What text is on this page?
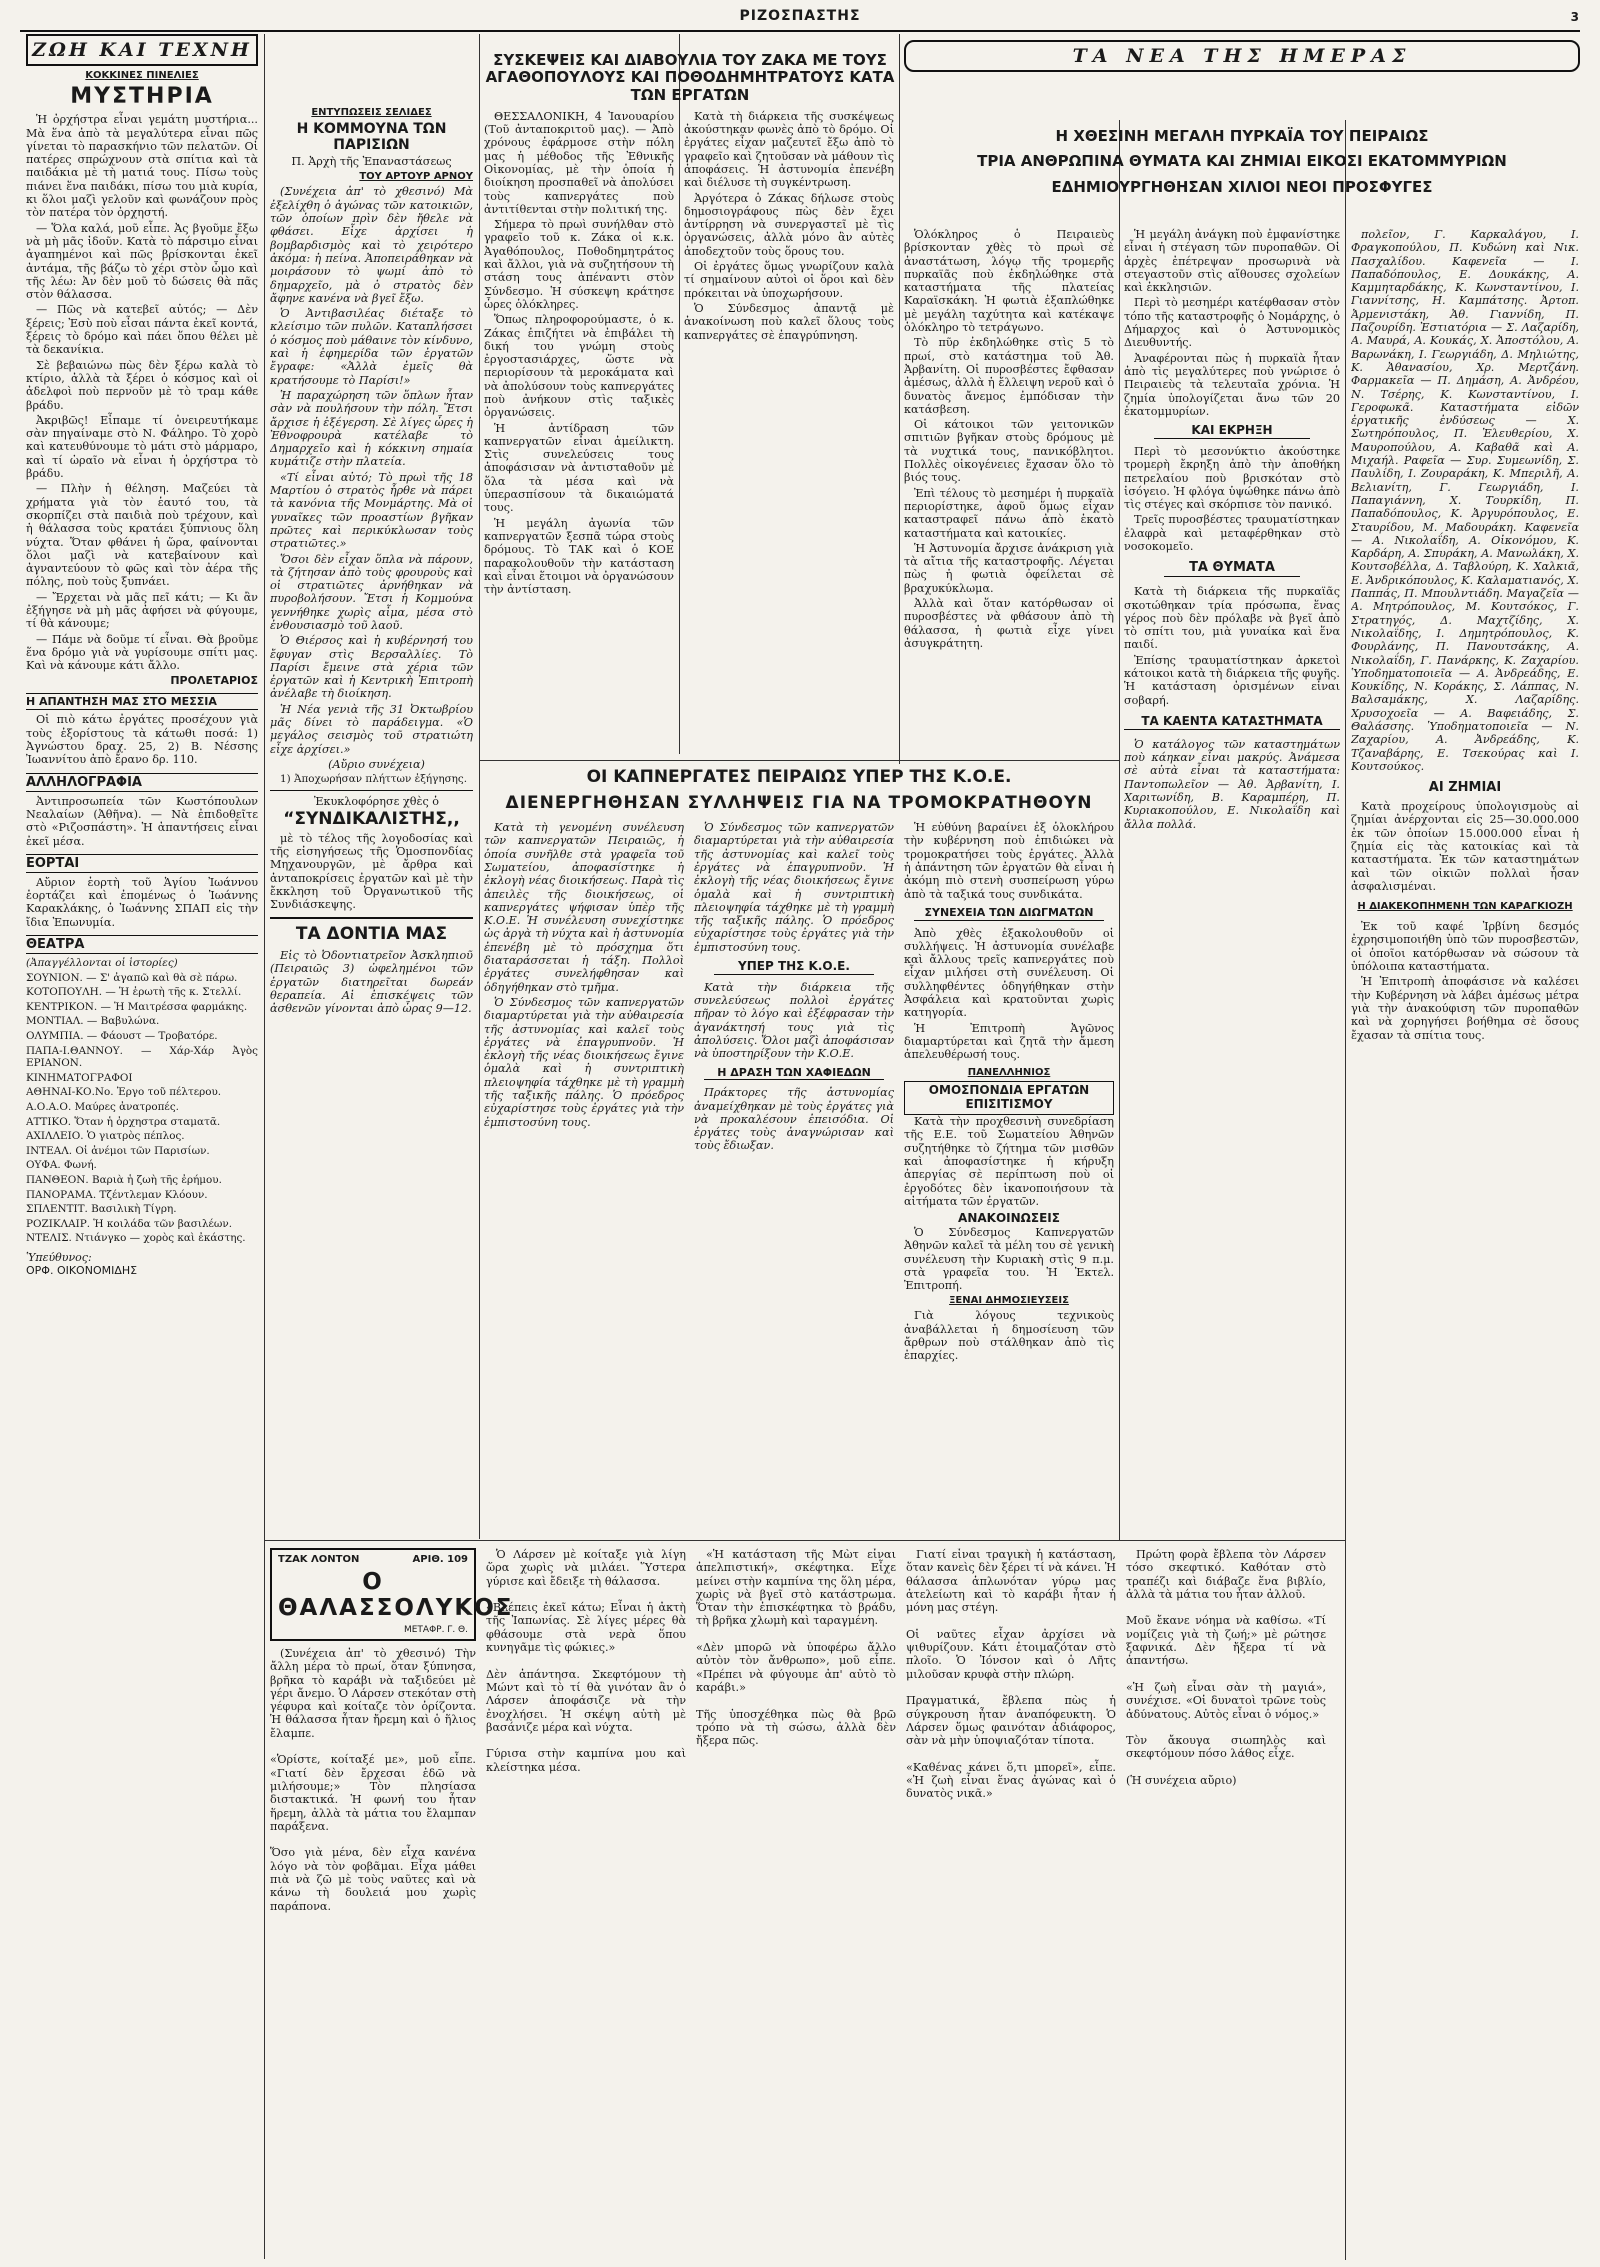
ΡΙΖΟΣΠΑΣΤΗΣ	3
ΖΩΗ ΚΑΙ ΤΕΧΝΗ
ΚΟΚΚΙΝΕΣ ΠΙΝΕΛΙΕΣ
ΜΥΣΤΗΡΙΑ

Ἡ ὀρχήστρα εἶναι γεμάτη μυστήρια... Μὰ ἕνα ἀπὸ τὰ μεγαλύτερα εἶναι πῶς γίνεται τὸ παρασκήνιο τῶν πελατῶν. Οἱ πατέρες σπρώχνουν στὰ σπίτια καὶ τὰ παιδάκια μὲ τὴ ματιά τους. Πίσω τοὺς πιάνει ἕνα παιδάκι, πίσω του μιὰ κυρία, κι ὅλοι μαζὶ γελοῦν καὶ φωνάζουν πρὸς τὸν πατέρα τὸν ὀρχηστή.

— Ὅλα καλά, μοῦ εἶπε. Ἀς βγοῦμε ἔξω νὰ μὴ μᾶς ἰδοῦν. Κατὰ τὸ πάρσιμο εἶναι ἀγαπημένοι καὶ πῶς βρίσκονται ἐκεῖ ἀντάμα, τῆς βάζω τὸ χέρι στὸν ὦμο καὶ τῆς λέω: Ἀν δὲν μοῦ τὸ δώσεις θὰ πᾶς στὸν θάλασσα.

— Πῶς νὰ κατεβεῖ αὐτός; — Δὲν ξέρεις; Ἐσὺ ποὺ εἶσαι πάντα ἐκεῖ κοντά, ξέρεις τὸ δρόμο καὶ πάει ὅπου θέλει μὲ τὰ δεκανίκια.

Σὲ βεβαιώνω πὼς δὲν ξέρω καλὰ τὸ κτίριο, ἀλλὰ τὰ ξέρει ὁ κόσμος καὶ οἱ ἀδελφοὶ ποὺ περνοῦν μὲ τὸ τραμ κάθε βράδυ.

Ἀκριβῶς! Εἶπαμε τί ὀνειρευτήκαμε σὰν πηγαίναμε στὸ Ν. Φάληρο. Τὸ χορὸ καὶ κατευθύνουμε τὸ μάτι στὸ μάρμαρο, καὶ τί ὡραῖο νὰ εἶναι ἡ ὀρχήστρα τὸ βράδυ.

— Πλὴν ἡ θέληση. Μαζεύει τὰ χρήματα γιὰ τὸν ἑαυτό του, τὰ σκορπίζει στὰ παιδιὰ ποὺ τρέχουν, καὶ ἡ θάλασσα τοὺς κρατάει ξύπνιους ὅλη νύχτα. Ὅταν φθάνει ἡ ὥρα, φαίνονται ὅλοι μαζὶ νὰ κατεβαίνουν καὶ ἀγναντεύουν τὸ φῶς καὶ τὸν ἀέρα τῆς πόλης, ποὺ τοὺς ξυπνάει.

— Ἔρχεται νὰ μᾶς πεῖ κάτι; — Κι ἂν ἐξήγησε νὰ μὴ μᾶς ἀφήσει νὰ φύγουμε, τί θὰ κάνουμε;

— Πάμε νὰ δοῦμε τί εἶναι. Θὰ βροῦμε ἕνα δρόμο γιὰ νὰ γυρίσουμε σπίτι μας. Καὶ νὰ κάνουμε κάτι ἄλλο.

ΠΡΟΛΕΤΑΡΙΟΣ
Η ΑΠΑΝΤΗΣΗ ΜΑΣ ΣΤΟ ΜΕΣΣΙΑ

Οἱ πιὸ κάτω ἐργάτες προσέχουν γιὰ τοὺς ἐξορίστους τὰ κάτωθι ποσά: 1) Ἀγνώστου δραχ. 25, 2) Β. Νέσσης Ἰωαννίτου ἀπὸ ἔρανο δρ. 110.

ΑΛΛΗΛΟΓΡΑΦΙΑ

Ἀντιπροσωπεία τῶν Κωστόπουλων Νεαλαίων (Ἀθῆνα). — Νὰ ἐπιδοθεῖτε στὸ «Ριζοσπάστη». Ἡ ἀπαντήσεις εἶναι ἐκεῖ μέσα.

ΕΟΡΤΑΙ

Αὔριον ἑορτὴ τοῦ Ἁγίου Ἰωάννου ἑορτάζει καὶ ἐπομένως ὁ Ἰωάννης Καρακλάκης, ὁ Ἰωάννης ΣΠΑΠ εἰς τὴν ἴδια Ἐπωνυμία.

ΘΕΑΤΡΑ
(Ἀπαγγέλλονται οἱ ἱστορίες)
ΣΟΥΝΙΟΝ. — Σ' ἀγαπῶ καὶ θὰ σὲ πάρω.
ΚΟΤΟΠΟΥΛΗ. — Ἡ ἐρωτὴ τῆς κ. Στελλί.
ΚΕΝΤΡΙΚΟΝ. — Ἡ Μαιτρέσσα φαρμάκης.
ΜΟΝΤΙΑΛ. — Βαβυλώνα.
ΟΛΥΜΠΙΑ. — Φάουστ — Τροβατόρε.
ΠΑΠΑ-Ι.ΘΑΝΝΟΥ. — Χάρ-Χάρ Ἀγὸς ΕΡΙΑΝΟΝ.
ΚΙΝΗΜΑΤΟΓΡΑΦΟΙ
ΑΘΗΝΑΙ-ΚΟ.Νο. Ἐργο τοῦ πέλτερου.
Α.Ο.Α.Ο. Μαύρες ἀνατροπές.
ΑΤΤΙΚΟ. Ὅταν ἡ ὀρχηστρα σταματᾶ.
ΑΧΙΛΛΕΙΟ. Ὁ γιατρὸς πέπλος.
ΙΝΤΕΑΛ. Οἱ ἀνέμοι τῶν Παρισίων.
ΟΥΦΑ. Φωνή.
ΠΑΝΘΕΟΝ. Βαριὰ ἡ ζωὴ τῆς ἐρήμου.
ΠΑΝΟΡΑΜΑ. Τζέντλεμαν Κλόουν.
ΣΠΛΕΝΤΙΤ. Βασιλικὴ Τίγρη.
ΡΟΖΙΚΛΑΙΡ. Ἡ κοιλάδα τῶν βασιλέων.
ΝΤΕΛΙΣ. Ντιάνγκο — χορὸς καὶ ἐκάστης.
Ὑπεύθυνος:
ΟΡΦ. ΟΙΚΟΝΟΜΙΔΗΣ
ΕΝΤΥΠΩΣΕΙΣ ΣΕΛΙΔΕΣ
Η ΚΟΜΜΟΥΝΑ ΤΩΝ ΠΑΡΙΣΙΩΝ
Π. Ἀρχὴ τῆς Ἐπαναστάσεως
ΤΟΥ ΑΡΤΟΥΡ ΑΡΝΟΥ

(Συνέχεια ἀπ' τὸ χθεσινό) Μὰ ἐξελίχθη ὁ ἀγώνας τῶν κατοικιῶν, τῶν ὁποίων πρὶν δὲν ἤθελε νὰ φθάσει. Εἶχε ἀρχίσει ἡ βομβαρδισμὸς καὶ τὸ χειρότερο ἀκόμα: ἡ πείνα. Ἀποπειράθηκαν νὰ μοιράσουν τὸ ψωμί ἀπὸ τὸ δημαρχεῖο, μὰ ὁ στρατὸς δὲν ἄφηνε κανένα νὰ βγεῖ ἔξω.

Ὁ Ἀντιβασιλέας διέταξε τὸ κλείσιμο τῶν πυλῶν. Καταπλήσσει ὁ κόσμος ποὺ μάθαινε τὸν κίνδυνο, καὶ ἡ ἐφημερίδα τῶν ἐργατῶν ἔγραφε: «Ἀλλὰ ἐμεῖς θὰ κρατήσουμε τὸ Παρίσι!»

Ἡ παραχώρηση τῶν ὅπλων ἦταν σὰν νὰ πουλήσουν τὴν πόλη. Ἔτσι ἄρχισε ἡ ἐξέγερση. Σὲ λίγες ὧρες ἡ Ἐθνοφρουρὰ κατέλαβε τὸ Δημαρχεῖο καὶ ἡ κόκκινη σημαία κυμάτιζε στὴν πλατεία.

«Τί εἶναι αὐτό; Τὸ πρωὶ τῆς 18 Μαρτίου ὁ στρατὸς ἦρθε νὰ πάρει τὰ κανόνια τῆς Μονμάρτης. Μὰ οἱ γυναῖκες τῶν προαστίων βγῆκαν πρῶτες καὶ περικύκλωσαν τοὺς στρατιῶτες.»

Ὅσοι δὲν εἶχαν ὅπλα νὰ πάρουν, τὰ ζήτησαν ἀπὸ τοὺς φρουροὺς καὶ οἱ στρατιῶτες ἀρνήθηκαν νὰ πυροβολήσουν. Ἔτσι ἡ Κομμούνα γεννήθηκε χωρὶς αἷμα, μέσα στὸ ἐνθουσιασμὸ τοῦ λαοῦ.

Ὁ Θιέρσος καὶ ἡ κυβέρνησή του ἔφυγαν στὶς Βερσαλλίες. Τὸ Παρίσι ἔμεινε στὰ χέρια τῶν ἐργατῶν καὶ ἡ Κεντρικὴ Ἐπιτροπὴ ἀνέλαβε τὴ διοίκηση.

Ἡ Νέα γενιὰ τῆς 31 Ὀκτωβρίου μᾶς δίνει τὸ παράδειγμα. «Ὁ μεγάλος σεισμὸς τοῦ στρατιώτη εἶχε ἀρχίσει.»

(Αὔριο συνέχεια)
1) Ἀποχωρήσαν πλήττων ἐξήγησης.
Ἐκυκλοφόρησε χθὲς ὁ
“ΣΥΝΔΙΚΑΛΙΣΤΗΣ,,

μὲ τὸ τέλος τῆς λογοδοσίας καὶ τῆς εἰσηγήσεως τῆς Ὁμοσπονδίας Μηχανουργῶν, μὲ ἄρθρα καὶ ἀνταποκρίσεις ἐργατῶν καὶ μὲ τὴν ἔκκληση τοῦ Ὀργανωτικοῦ τῆς Συνδιάσκεψης.

ΤΑ ΔΟΝΤΙΑ ΜΑΣ

Εἰς τὸ Ὀδοντιατρεῖον Ἀσκληπιοῦ (Πειραιῶς 3) ὠφελημένοι τῶν ἐργατῶν διατηρεῖται δωρεάν θεραπεία. Αἱ ἐπισκέψεις τῶν ἀσθενῶν γίνονται ἀπὸ ὧρας 9—12.

ΣΥΣΚΕΨΕΙΣ ΚΑΙ ΔΙΑΒΟΥΛΙΑ ΤΟΥ ΖΑΚΑ ΜΕ ΤΟΥΣ ΑΓΑΘΟΠΟΥΛΟΥΣ ΚΑΙ ΠΟΘΟΔΗΜΗΤΡΑΤΟΥΣ ΚΑΤΑ ΤΩΝ ΕΡΓΑΤΩΝ

ΘΕΣΣΑΛΟΝΙΚΗ, 4 Ἰανουαρίου (Τοῦ ἀνταποκριτοῦ μας). — Ἀπὸ χρόνους ἐφάρμοσε στὴν πόλη μας ἡ μέθοδος τῆς Ἐθνικῆς Οἰκονομίας, μὲ τὴν ὁποία ἡ διοίκηση προσπαθεῖ νὰ ἀπολύσει τοὺς καπνεργάτες ποὺ ἀντιτίθενται στὴν πολιτική της.

Σήμερα τὸ πρωὶ συνήλθαν στὸ γραφεῖο τοῦ κ. Ζάκα οἱ κ.κ. Ἀγαθόπουλος, Ποθοδημητράτος καὶ ἄλλοι, γιὰ νὰ συζητήσουν τὴ στάση τους ἀπέναντι στὸν Σύνδεσμο. Ἡ σύσκεψη κράτησε ὧρες ὁλόκληρες.

Ὅπως πληροφορούμαστε, ὁ κ. Ζάκας ἐπιζήτει νὰ ἐπιβάλει τὴ δική του γνώμη στοὺς ἐργοστασιάρχες, ὥστε νὰ περιορίσουν τὰ μεροκάματα καὶ νὰ ἀπολύσουν τοὺς καπνεργάτες ποὺ ἀνήκουν στὶς ταξικὲς ὀργανώσεις.

Ἡ ἀντίδραση τῶν καπνεργατῶν εἶναι ἀμείλικτη. Στὶς συνελεύσεις τους ἀποφάσισαν νὰ ἀντισταθοῦν μὲ ὅλα τὰ μέσα καὶ νὰ ὑπερασπίσουν τὰ δικαιώματά τους.

Ἡ μεγάλη ἀγωνία τῶν καπνεργατῶν ξεσπᾶ τώρα στοὺς δρόμους. Τὸ ΤΑΚ καὶ ὁ ΚΟΕ παρακολουθοῦν τὴν κατάσταση καὶ εἶναι ἕτοιμοι νὰ ὀργανώσουν τὴν ἀντίσταση.

Κατὰ τὴ διάρκεια τῆς συσκέψεως ἀκούστηκαν φωνὲς ἀπὸ τὸ δρόμο. Οἱ ἐργάτες εἶχαν μαζευτεῖ ἔξω ἀπὸ τὸ γραφεῖο καὶ ζητοῦσαν νὰ μάθουν τὶς ἀποφάσεις. Ἡ ἀστυνομία ἐπενέβη καὶ διέλυσε τὴ συγκέντρωση.

Ἀργότερα ὁ Ζάκας δήλωσε στοὺς δημοσιογράφους πὼς δὲν ἔχει ἀντίρρηση νὰ συνεργαστεῖ μὲ τὶς ὀργανώσεις, ἀλλὰ μόνο ἂν αὐτὲς ἀποδεχτοῦν τοὺς ὅρους του.

Οἱ ἐργάτες ὅμως γνωρίζουν καλὰ τί σημαίνουν αὐτοὶ οἱ ὅροι καὶ δὲν πρόκειται νὰ ὑποχωρήσουν.

Ὁ Σύνδεσμος ἀπαντᾷ μὲ ἀνακοίνωση ποὺ καλεῖ ὅλους τοὺς καπνεργάτες σὲ ἐπαγρύπνηση.

ΤΑ ΝΕΑ ΤΗΣ ΗΜΕΡΑΣ
Η ΧΘΕΣΙΝΗ ΜΕΓΑΛΗ ΠΥΡΚΑΪΑ ΤΟΥ ΠΕΙΡΑΙΩΣ
ΤΡΙΑ ΑΝΘΡΩΠΙΝΑ ΘΥΜΑΤΑ ΚΑΙ ΖΗΜΙΑΙ ΕΙΚΟΣΙ ΕΚΑΤΟΜΜΥΡΙΩΝ
ΕΔΗΜΙΟΥΡΓΗΘΗΣΑΝ ΧΙΛΙΟΙ ΝΕΟΙ ΠΡΟΣΦΥΓΕΣ

Ὁλόκληρος ὁ Πειραιεὺς βρίσκονταν χθὲς τὸ πρωὶ σὲ ἀναστάτωση, λόγῳ τῆς τρομερῆς πυρκαϊᾶς ποὺ ἐκδηλώθηκε στὰ καταστήματα τῆς πλατείας Καραϊσκάκη. Ἡ φωτιὰ ἐξαπλώθηκε μὲ μεγάλη ταχύτητα καὶ κατέκαψε ὁλόκληρο τὸ τετράγωνο.

Τὸ πῦρ ἐκδηλώθηκε στὶς 5 τὸ πρωί, στὸ κατάστημα τοῦ Ἀθ. Ἀρβανίτη. Οἱ πυροσβέστες ἔφθασαν ἀμέσως, ἀλλὰ ἡ ἔλλειψη νεροῦ καὶ ὁ δυνατὸς ἄνεμος ἐμπόδισαν τὴν κατάσβεση.

Οἱ κάτοικοι τῶν γειτονικῶν σπιτιῶν βγῆκαν στοὺς δρόμους μὲ τὰ νυχτικά τους, πανικόβλητοι. Πολλὲς οἰκογένειες ἔχασαν ὅλο τὸ βιός τους.

Ἐπὶ τέλους τὸ μεσημέρι ἡ πυρκαϊὰ περιορίστηκε, ἀφοῦ ὅμως εἶχαν καταστραφεῖ πάνω ἀπὸ ἑκατὸ καταστήματα καὶ κατοικίες.

Ἡ Ἀστυνομία ἄρχισε ἀνάκριση γιὰ τὰ αἴτια τῆς καταστροφῆς. Λέγεται πὼς ἡ φωτιὰ ὀφείλεται σὲ βραχυκύκλωμα.

Ἀλλὰ καὶ ὅταν κατόρθωσαν οἱ πυροσβέστες νὰ φθάσουν ἀπὸ τὴ θάλασσα, ἡ φωτιὰ εἶχε γίνει ἀσυγκράτητη.

Ἡ μεγάλη ἀνάγκη ποὺ ἐμφανίστηκε εἶναι ἡ στέγαση τῶν πυροπαθῶν. Οἱ ἀρχὲς ἐπέτρεψαν προσωρινὰ νὰ στεγαστοῦν στὶς αἴθουσες σχολείων καὶ ἐκκλησιῶν.

Περὶ τὸ μεσημέρι κατέφθασαν στὸν τόπο τῆς καταστροφῆς ὁ Νομάρχης, ὁ Δήμαρχος καὶ ὁ Ἀστυνομικὸς Διευθυντής.

Ἀναφέρονται πὼς ἡ πυρκαϊὰ ἦταν ἀπὸ τὶς μεγαλύτερες ποὺ γνώρισε ὁ Πειραιεὺς τὰ τελευταῖα χρόνια. Ἡ ζημία ὑπολογίζεται ἄνω τῶν 20 ἑκατομμυρίων.

ΚΑΙ ΕΚΡΗΞΗ

Περὶ τὸ μεσονύκτιο ἀκούστηκε τρομερὴ ἔκρηξη ἀπὸ τὴν ἀποθήκη πετρελαίου ποὺ βρισκόταν στὸ ἰσόγειο. Ἡ φλόγα ὑψώθηκε πάνω ἀπὸ τὶς στέγες καὶ σκόρπισε τὸν πανικό.

Τρεῖς πυροσβέστες τραυματίστηκαν ἐλαφρὰ καὶ μεταφέρθηκαν στὸ νοσοκομεῖο.

ΤΑ ΘΥΜΑΤΑ

Κατὰ τὴ διάρκεια τῆς πυρκαϊᾶς σκοτώθηκαν τρία πρόσωπα, ἕνας γέρος ποὺ δὲν πρόλαβε νὰ βγεῖ ἀπὸ τὸ σπίτι του, μιὰ γυναίκα καὶ ἕνα παιδί.

Ἐπίσης τραυματίστηκαν ἀρκετοὶ κάτοικοι κατὰ τὴ διάρκεια τῆς φυγῆς. Ἡ κατάσταση ὁρισμένων εἶναι σοβαρή.

ΤΑ ΚΑΕΝΤΑ ΚΑΤΑΣΤΗΜΑΤΑ

Ὁ κατάλογος τῶν καταστημάτων ποὺ κάηκαν εἶναι μακρύς. Ἀνάμεσα σὲ αὐτὰ εἶναι τὰ καταστήματα: Παντοπωλεῖον — Ἀθ. Ἀρβανίτη, Ι. Χαριτωνίδη, Β. Καραμπέρη, Π. Κυριακοπούλου, Ε. Νικολαΐδη καὶ ἄλλα πολλά.

πολεῖον, Γ. Καρκαλάγου, Ι. Φραγκοπούλου, Π. Κυδώνη καὶ Νικ. Πασχαλίδου. Καφενεῖα — Ι. Παπαδόπουλος, Ε. Δουκάκης, Α. Καμμηταρδάκης, Κ. Κωνσταντίνου, Ι. Γιαννίτσης, Η. Καμπάτσης. Ἀρτοπ. Ἀρμενιστάκη, Ἀθ. Γιαννίδη, Π. Παζουρίδη. Ἐστιατόρια — Σ. Λαζαρίδη, Α. Μαυρά, Α. Κουκάς, Χ. Ἀποστόλου, Α. Βαρωνάκη, Ι. Γεωργιάδη, Δ. Μηλιώτης, Κ. Ἀθανασίου, Χρ. Μερτζάνη. Φαρμακεῖα — Π. Δημάση, Α. Ἀνδρέου, Ν. Τσέρης, Κ. Κωνσταντίνου, Ι. Γεροφωκᾶ. Καταστήματα εἰδῶν ἐργατικῆς ἐνδύσεως — Χ. Σωτηρόπουλος, Π. Ἐλευθερίου, Χ. Μαυροπούλου, Α. Καβαθᾶ καὶ Α. Μιχαήλ. Ραφεῖα — Συρ. Συμεωνίδη, Σ. Παυλίδη, Ι. Ζουραράκη, Κ. Μπεριλῆ, Α. Βελιανίτη, Γ. Γεωργιάδη, Ι. Παπαγιάννη, Χ. Τουρκίδη, Π. Παπαδόπουλος, Κ. Ἀργυρόπουλος, Ε. Σταυρίδου, Μ. Μαδουράκη. Καφενεῖα — Α. Νικολαΐδη, Α. Οἰκονόμου, Κ. Καρδάρη, Α. Σπυράκη, Α. Μανωλάκη, Χ. Κουτσοβέλλα, Δ. Ταβλούρη, Κ. Χαλκιᾶ, Ε. Ἀνδρικόπουλος, Κ. Καλαματιανός, Χ. Παππάς, Π. Μπουλντιάδη. Μαγαζεῖα — Α. Μητρόπουλος, Μ. Κουτσόκος, Γ. Στρατηγός, Δ. Μαχτζίδης, Χ. Νικολαΐδης, Ι. Δημητρόπουλος, Κ. Φουρλάνης, Π. Πανουτσάκης, Α. Νικολαΐδη, Γ. Πανάρκης, Κ. Ζαχαρίου. Ὑποδηματοποιεῖα — Α. Ἀνδρεάδης, Ε. Κουκίδης, Ν. Κοράκης, Σ. Λάππας, Ν. Βαλσαμάκης, Χ. Λαζαρίδης. Χρυσοχοεῖα — Α. Βαφειάδης, Σ. Θαλάσσης. Ὑποδηματοποιεῖα — Ν. Ζαχαρίου, Α. Ἀνδρεάδης, Κ. Τζαναβάρης, Ε. Τσεκούρας καὶ Ι. Κουτσούκος.

ΑΙ ΖΗΜΙΑΙ

Κατὰ προχείρους ὑπολογισμοὺς αἱ ζημίαι ἀνέρχονται εἰς 25—30.000.000 ἐκ τῶν ὁποίων 15.000.000 εἶναι ἡ ζημία εἰς τὰς κατοικίας καὶ τὰ καταστήματα. Ἐκ τῶν καταστημάτων καὶ τῶν οἰκιῶν πολλαὶ ἦσαν ἀσφαλισμέναι.

Η ΔΙΑΚΕΚΟΠΗΜΕΝΗ ΤΩΝ ΚΑΡΑΓΚΙΟΖΗ

Ἐκ τοῦ καφέ Ἰρβίνη δεσμός ἐχρησιμοποιήθη ὑπὸ τῶν πυροσβεστῶν, οἱ ὁποῖοι κατόρθωσαν νὰ σώσουν τὰ ὑπόλοιπα καταστήματα.

Ἡ Ἐπιτροπὴ ἀποφάσισε νὰ καλέσει τὴν Κυβέρνηση νὰ λάβει ἀμέσως μέτρα γιὰ τὴν ἀνακούφιση τῶν πυροπαθῶν καὶ νὰ χορηγήσει βοήθημα σὲ ὅσους ἔχασαν τὰ σπίτια τους.

ΟΙ ΚΑΠΝΕΡΓΑΤΕΣ ΠΕΙΡΑΙΩΣ ΥΠΕΡ ΤΗΣ Κ.Ο.Ε.
ΔΙΕΝΕΡΓΗΘΗΣΑΝ ΣΥΛΛΗΨΕΙΣ ΓΙΑ ΝΑ ΤΡΟΜΟΚΡΑΤΗΘΟΥΝ

Κατὰ τὴ γενομένη συνέλευση τῶν καπνεργατῶν Πειραιῶς, ἡ ὁποία συνῆλθε στὰ γραφεῖα τοῦ Σωματείου, ἀποφασίστηκε ἡ ἐκλογὴ νέας διοικήσεως. Παρὰ τὶς ἀπειλὲς τῆς διοικήσεως, οἱ καπνεργάτες ψήφισαν ὑπὲρ τῆς Κ.Ο.Ε. Ἡ συνέλευση συνεχίστηκε ὡς ἀργὰ τὴ νύχτα καὶ ἡ ἀστυνομία ἐπενέβη μὲ τὸ πρόσχημα ὅτι διαταράσσεται ἡ τάξη. Πολλοὶ ἐργάτες συνελήφθησαν καὶ ὁδηγήθηκαν στὸ τμῆμα.

Ὁ Σύνδεσμος τῶν καπνεργατῶν διαμαρτύρεται γιὰ τὴν αὐθαιρεσία τῆς ἀστυνομίας καὶ καλεῖ τοὺς ἐργάτες νὰ ἐπαγρυπνοῦν. Ἡ ἐκλογὴ τῆς νέας διοικήσεως ἔγινε ὁμαλὰ καὶ ἡ συντριπτικὴ πλειοψηφία τάχθηκε μὲ τὴ γραμμὴ τῆς ταξικῆς πάλης. Ὁ πρόεδρος εὐχαρίστησε τοὺς ἐργάτες γιὰ τὴν ἐμπιστοσύνη τους.

Ὁ Σύνδεσμος τῶν καπνεργατῶν διαμαρτύρεται γιὰ τὴν αὐθαιρεσία τῆς ἀστυνομίας καὶ καλεῖ τοὺς ἐργάτες νὰ ἐπαγρυπνοῦν. Ἡ ἐκλογὴ τῆς νέας διοικήσεως ἔγινε ὁμαλὰ καὶ ἡ συντριπτικὴ πλειοψηφία τάχθηκε μὲ τὴ γραμμὴ τῆς ταξικῆς πάλης. Ὁ πρόεδρος εὐχαρίστησε τοὺς ἐργάτες γιὰ τὴν ἐμπιστοσύνη τους.

ΥΠΕΡ ΤΗΣ Κ.Ο.Ε.

Κατὰ τὴν διάρκεια τῆς συνελεύσεως πολλοὶ ἐργάτες πῆραν τὸ λόγο καὶ ἐξέφρασαν τὴν ἀγανάκτησή τους γιὰ τὶς ἀπολύσεις. Ὅλοι μαζὶ ἀποφάσισαν νὰ ὑποστηρίξουν τὴν Κ.Ο.Ε.

Η ΔΡΑΣΗ ΤΩΝ ΧΑΦΙΕΔΩΝ

Πράκτορες τῆς ἀστυνομίας ἀναμείχθηκαν μὲ τοὺς ἐργάτες γιὰ νὰ προκαλέσουν ἐπεισόδια. Οἱ ἐργάτες τοὺς ἀναγνώρισαν καὶ τοὺς ἔδιωξαν.

Ἡ εὐθύνη βαραίνει ἐξ ὁλοκλήρου τὴν κυβέρνηση ποὺ ἐπιδιώκει νὰ τρομοκρατήσει τοὺς ἐργάτες. Ἀλλὰ ἡ ἀπάντηση τῶν ἐργατῶν θὰ εἶναι ἡ ἀκόμη πιὸ στενὴ συσπείρωση γύρω ἀπὸ τὰ ταξικά τους συνδικάτα.

ΣΥΝΕΧΕΙΑ ΤΩΝ ΔΙΩΓΜΑΤΩΝ

Ἀπὸ χθὲς ἐξακολουθοῦν οἱ συλλήψεις. Ἡ ἀστυνομία συνέλαβε καὶ ἄλλους τρεῖς καπνεργάτες ποὺ εἶχαν μιλήσει στὴ συνέλευση. Οἱ συλληφθέντες ὁδηγήθηκαν στὴν Ἀσφάλεια καὶ κρατοῦνται χωρὶς κατηγορία.

Ἡ Ἐπιτροπὴ Ἀγῶνος διαμαρτύρεται καὶ ζητᾶ τὴν ἄμεση ἀπελευθέρωσή τους.

ΠΑΝΕΛΛΗΝΙΟΣ
ΟΜΟΣΠΟΝΔΙΑ ΕΡΓΑΤΩΝ ΕΠΙΣΙΤΙΣΜΟΥ

Κατὰ τὴν προχθεσινὴ συνεδρίαση τῆς Ε.Ε. τοῦ Σωματείου Ἀθηνῶν συζητήθηκε τὸ ζήτημα τῶν μισθῶν καὶ ἀποφασίστηκε ἡ κήρυξη ἀπεργίας σὲ περίπτωση ποὺ οἱ ἐργοδότες δὲν ἱκανοποιήσουν τὰ αἰτήματα τῶν ἐργατῶν.

ΑΝΑΚΟΙΝΩΣΕΙΣ

Ὁ Σύνδεσμος Καπνεργατῶν Ἀθηνῶν καλεῖ τὰ μέλη του σὲ γενικὴ συνέλευση τὴν Κυριακὴ στὶς 9 π.μ. στὰ γραφεῖα του. Ἡ Ἐκτελ. Ἐπιτροπή.

ΞΕΝΑΙ ΔΗΜΟΣΙΕΥΣΕΙΣ

Γιὰ λόγους τεχνικοὺς ἀναβάλλεται ἡ δημοσίευση τῶν ἄρθρων ποὺ στάλθηκαν ἀπὸ τὶς ἐπαρχίες.

ΤΖΑΚ ΛΟΝΤΟΝ	ΑΡΙΘ. 109
Ο ΘΑΛΑΣΣΟΛΥΚΟΣ
ΜΕΤΑΦΡ. Γ. Θ.

(Συνέχεια ἀπ' τὸ χθεσινό) Τὴν ἄλλη μέρα τὸ πρωί, ὅταν ξύπνησα, βρῆκα τὸ καράβι νὰ ταξιδεύει μὲ γέρι ἄνεμο. Ὁ Λάρσεν στεκόταν στὴ γέφυρα καὶ κοίταζε τὸν ὁρίζοντα. Ἡ θάλασσα ἦταν ἤρεμη καὶ ὁ ἥλιος ἔλαμπε.

«Ὁρίστε, κοίταξέ με», μοῦ εἶπε. «Γιατί δὲν ἔρχεσαι ἐδῶ νὰ μιλήσουμε;» Τὸν πλησίασα διστακτικά. Ἡ φωνή του ἦταν ἥρεμη, ἀλλὰ τὰ μάτια του ἔλαμπαν παράξενα.

Ὅσο γιὰ μένα, δὲν εἶχα κανένα λόγο νὰ τὸν φοβᾶμαι. Εἶχα μάθει πιὰ νὰ ζῶ μὲ τοὺς ναῦτες καὶ νὰ κάνω τὴ δουλειά μου χωρὶς παράπονα.

Ὁ Λάρσεν μὲ κοίταξε γιὰ λίγη ὥρα χωρὶς νὰ μιλάει. Ὕστερα γύρισε καὶ ἔδειξε τὴ θάλασσα.

«Βλέπεις ἐκεῖ κάτω; Εἶναι ἡ ἀκτὴ τῆς Ἰαπωνίας. Σὲ λίγες μέρες θὰ φθάσουμε στὰ νερὰ ὅπου κυνηγᾶμε τὶς φώκιες.»

Δὲν ἀπάντησα. Σκεφτόμουν τὴ Μώντ καὶ τὸ τί θὰ γινόταν ἂν ὁ Λάρσεν ἀποφάσιζε νὰ τὴν ἐνοχλήσει. Ἡ σκέψη αὐτὴ μὲ βασάνιζε μέρα καὶ νύχτα.

Γύρισα στὴν καμπίνα μου καὶ κλείστηκα μέσα.

«Ἡ κατάσταση τῆς Μὼτ εἶναι ἀπελπιστική», σκέφτηκα. Εἶχε μείνει στὴν καμπίνα της ὅλη μέρα, χωρὶς νὰ βγεῖ στὸ κατάστρωμα. Ὅταν τὴν ἐπισκέφτηκα τὸ βράδυ, τὴ βρῆκα χλωμὴ καὶ ταραγμένη.

«Δὲν μπορῶ νὰ ὑποφέρω ἄλλο αὐτὸν τὸν ἄνθρωπο», μοῦ εἶπε. «Πρέπει νὰ φύγουμε ἀπ' αὐτὸ τὸ καράβι.»

Τῆς ὑποσχέθηκα πὼς θὰ βρῶ τρόπο νὰ τὴ σώσω, ἀλλὰ δὲν ἤξερα πῶς.

Γιατί εἶναι τραγικὴ ἡ κατάσταση, ὅταν κανεὶς δὲν ξέρει τί νὰ κάνει. Ἡ θάλασσα ἁπλωνόταν γύρω μας ἀτελείωτη καὶ τὸ καράβι ἦταν ἡ μόνη μας στέγη.

Οἱ ναῦτες εἶχαν ἀρχίσει νὰ ψιθυρίζουν. Κάτι ἑτοιμαζόταν στὸ πλοῖο. Ὁ Ἰόνσον καὶ ὁ Λῆτς μιλοῦσαν κρυφὰ στὴν πλώρη.

Πραγματικά, ἔβλεπα πὼς ἡ σύγκρουση ἦταν ἀναπόφευκτη. Ὁ Λάρσεν ὅμως φαινόταν ἀδιάφορος, σὰν νὰ μὴν ὑποψιαζόταν τίποτα.

«Καθένας κάνει ὅ,τι μπορεῖ», εἶπε. «Ἡ ζωὴ εἶναι ἕνας ἀγώνας καὶ ὁ δυνατὸς νικᾶ.»

Πρώτη φορὰ ἔβλεπα τὸν Λάρσεν τόσο σκεφτικό. Καθόταν στὸ τραπέζι καὶ διάβαζε ἕνα βιβλίο, ἀλλὰ τὰ μάτια του ἦταν ἀλλοῦ.

Μοῦ ἔκανε νόημα νὰ καθίσω. «Τί νομίζεις γιὰ τὴ ζωή;» μὲ ρώτησε ξαφνικά. Δὲν ἤξερα τί νὰ ἀπαντήσω.

«Ἡ ζωὴ εἶναι σὰν τὴ μαγιά», συνέχισε. «Οἱ δυνατοὶ τρῶνε τοὺς ἀδύνατους. Αὐτὸς εἶναι ὁ νόμος.»

Τὸν ἄκουγα σιωπηλὸς καὶ σκεφτόμουν πόσο λάθος εἶχε.

(Ἡ συνέχεια αὔριο)
